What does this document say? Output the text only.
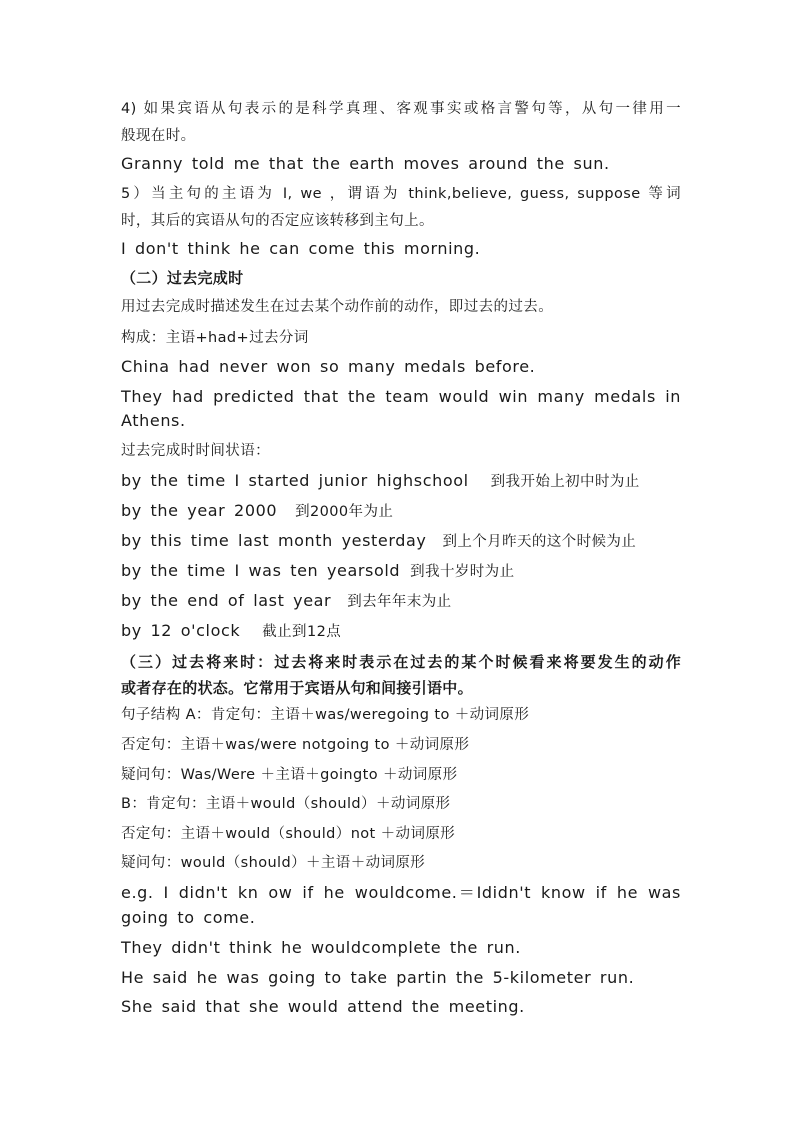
4) 如果宾语从句表示的是科学真理、客观事实或格言警句等，从句一律用一
般现在时。
Granny told me that the earth moves around the sun.
5）当主句的主语为 I, we ，谓语为 think,believe, guess, suppose 等词
时，其后的宾语从句的否定应该转移到主句上。
I don't think he can come this morning.
（二）过去完成时
用过去完成时描述发生在过去某个动作前的动作，即过去的过去。
构成：主语+had+过去分词
China had never won so many medals before.
They had predicted that the team would win many medals in
Athens.
过去完成时时间状语：
by the time I started junior highschool 到我开始上初中时为止
by the year 2000 到2000年为止
by this time last month yesterday 到上个月昨天的这个时候为止
by the time I was ten yearsold 到我十岁时为止
by the end of last year 到去年年末为止
by 12 o'clock 截止到12点
（三）过去将来时：过去将来时表示在过去的某个时候看来将要发生的动作
或者存在的状态。它常用于宾语从句和间接引语中。
句子结构 A：肯定句：主语＋was/weregoing to ＋动词原形
否定句：主语＋was/were notgoing to ＋动词原形
疑问句：Was/Were ＋主语＋goingto ＋动词原形
B：肯定句：主语＋would（should）＋动词原形
否定句：主语＋would（should）not ＋动词原形
疑问句：would（should）＋主语＋动词原形
e.g. I didn't kn ow if he wouldcome.＝Ididn't know if he was
going to come.
They didn't think he wouldcomplete the run.
He said he was going to take partin the 5-kilometer run.
She said that she would attend the meeting.
